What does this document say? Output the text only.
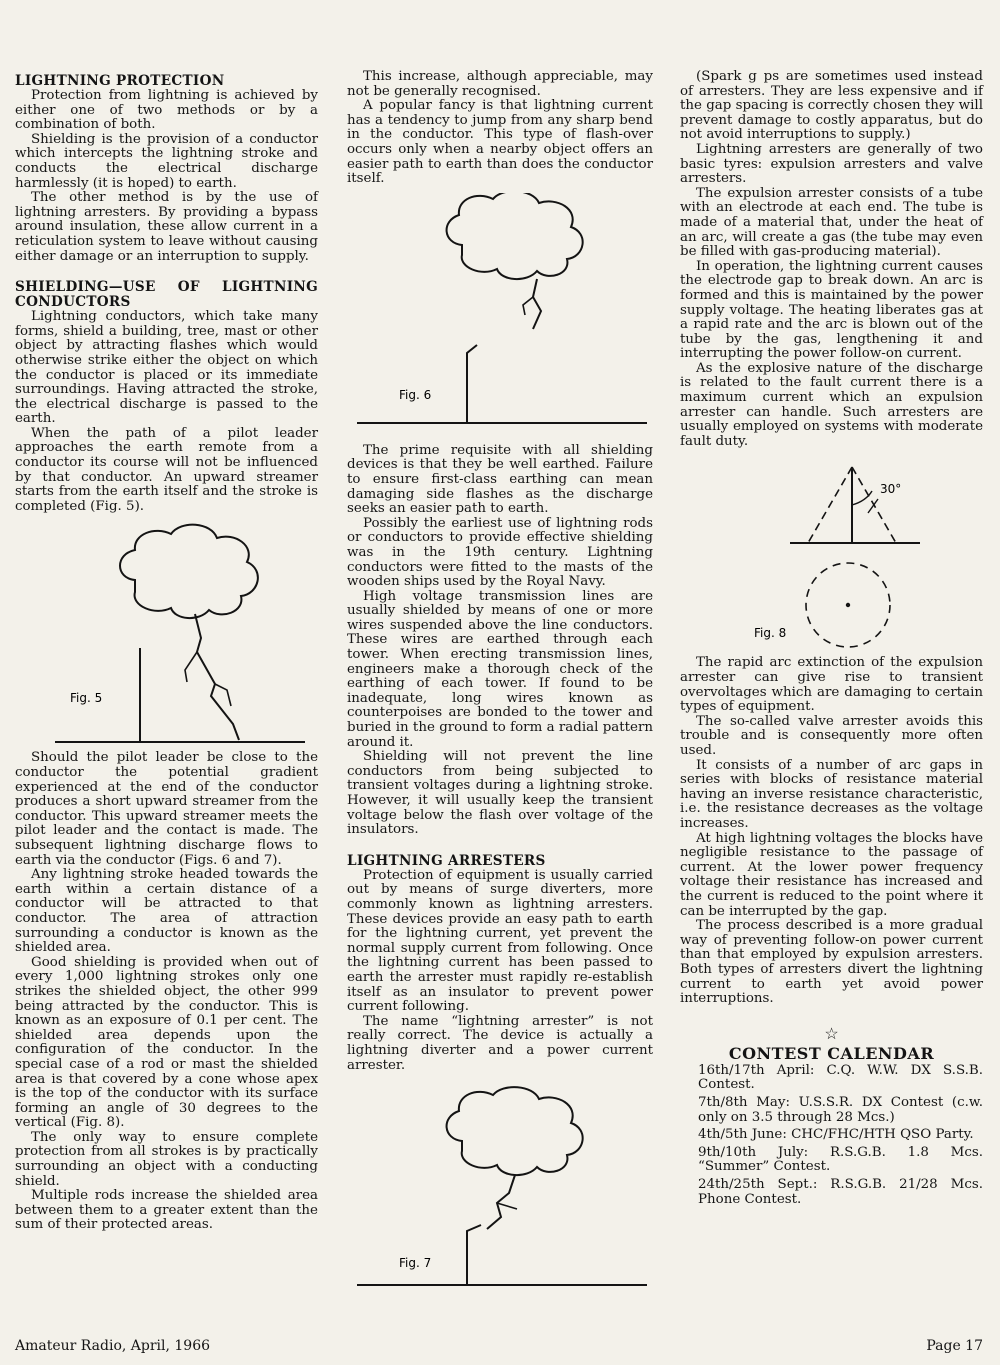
LIGHTNING PROTECTION

Protection from lightning is achieved by either one of two methods or by a combination of both.

Shielding is the provision of a conductor which intercepts the lightning stroke and conducts the electrical discharge harmlessly (it is hoped) to earth.

The other method is by the use of lightning arresters. By providing a bypass around insulation, these allow current in a reticulation system to leave without causing either damage or an interruption to supply.

SHIELDING—USE OF LIGHTNING CONDUCTORS

Lightning conductors, which take many forms, shield a building, tree, mast or other object by attracting flashes which would otherwise strike either the object on which the conductor is placed or its immediate surroundings. Having attracted the stroke, the electrical discharge is passed to the earth.

When the path of a pilot leader approaches the earth remote from a conductor its course will not be influenced by that conductor. An upward streamer starts from the earth itself and the stroke is completed (Fig. 5).

Fig. 5

Should the pilot leader be close to the conductor the potential gradient experienced at the end of the conductor produces a short upward streamer from the conductor. This upward streamer meets the pilot leader and the contact is made. The subsequent lightning discharge flows to earth via the conductor (Figs. 6 and 7).

Any lightning stroke headed towards the earth within a certain distance of a conductor will be attracted to that conductor. The area of attraction surrounding a conductor is known as the shielded area.

Good shielding is provided when out of every 1,000 lightning strokes only one strikes the shielded object, the other 999 being attracted by the conductor. This is known as an exposure of 0.1 per cent. The shielded area depends upon the configuration of the conductor. In the special case of a rod or mast the shielded area is that covered by a cone whose apex is the top of the conductor with its surface forming an angle of 30 degrees to the vertical (Fig. 8).

The only way to ensure complete protection from all strokes is by practically surrounding an object with a conducting shield.

Multiple rods increase the shielded area between them to a greater extent than the sum of their protected areas.

This increase, although appreciable, may not be generally recognised.

A popular fancy is that lightning current has a tendency to jump from any sharp bend in the conductor. This type of flash-over occurs only when a nearby object offers an easier path to earth than does the conductor itself.

Fig. 6

The prime requisite with all shielding devices is that they be well earthed. Failure to ensure first-class earthing can mean damaging side flashes as the discharge seeks an easier path to earth.

Possibly the earliest use of lightning rods or conductors to provide effective shielding was in the 19th century. Lightning conductors were fitted to the masts of the wooden ships used by the Royal Navy.

High voltage transmission lines are usually shielded by means of one or more wires suspended above the line conductors. These wires are earthed through each tower. When erecting transmission lines, engineers make a thorough check of the earthing of each tower. If found to be inadequate, long wires known as counterpoises are bonded to the tower and buried in the ground to form a radial pattern around it.

Shielding will not prevent the line conductors from being subjected to transient voltages during a lightning stroke. However, it will usually keep the transient voltage below the flash over voltage of the insulators.

LIGHTNING ARRESTERS

Protection of equipment is usually carried out by means of surge diverters, more commonly known as lightning arresters. These devices provide an easy path to earth for the lightning current, yet prevent the normal supply current from following. Once the lightning current has been passed to earth the arrester must rapidly re-establish itself as an insulator to prevent power current following.

The name “lightning arrester” is not really correct. The device is actually a lightning diverter and a power current arrester.

Fig. 7

(Spark g ps are sometimes used instead of arresters. They are less expensive and if the gap spacing is correctly chosen they will prevent damage to costly apparatus, but do not avoid interruptions to supply.)

Lightning arresters are generally of two basic tyres: expulsion arresters and valve arresters.

The expulsion arrester consists of a tube with an electrode at each end. The tube is made of a material that, under the heat of an arc, will create a gas (the tube may even be filled with gas-producing material).

In operation, the lightning current causes the electrode gap to break down. An arc is formed and this is maintained by the power supply voltage. The heating liberates gas at a rapid rate and the arc is blown out of the tube by the gas, lengthening it and interrupting the power follow-on current.

As the explosive nature of the discharge is related to the fault current there is a maximum current which an expulsion arrester can handle. Such arresters are usually employed on systems with moderate fault duty.

30°
Fig. 8

The rapid arc extinction of the expulsion arrester can give rise to transient overvoltages which are damaging to certain types of equipment.

The so-called valve arrester avoids this trouble and is consequently more often used.

It consists of a number of arc gaps in series with blocks of resistance material having an inverse resistance characteristic, i.e. the resistance decreases as the voltage increases.

At high lightning voltages the blocks have negligible resistance to the passage of current. At the lower power frequency voltage their resistance has increased and the current is reduced to the point where it can be interrupted by the gap.

The process described is a more gradual way of preventing follow-on power current than that employed by expulsion arresters. Both types of arresters divert the lightning current to earth yet avoid power interruptions.

☆
CONTEST CALENDAR

16th/17th April: C.Q. W.W. DX S.S.B. Contest.

7th/8th May: U.S.S.R. DX Contest (c.w. only on 3.5 through 28 Mcs.)

4th/5th June: CHC/FHC/HTH QSO Party.

9th/10th July: R.S.G.B. 1.8 Mcs. “Summer” Contest.

24th/25th Sept.: R.S.G.B. 21/28 Mcs. Phone Contest.

Amateur Radio, April, 1966	Page 17
